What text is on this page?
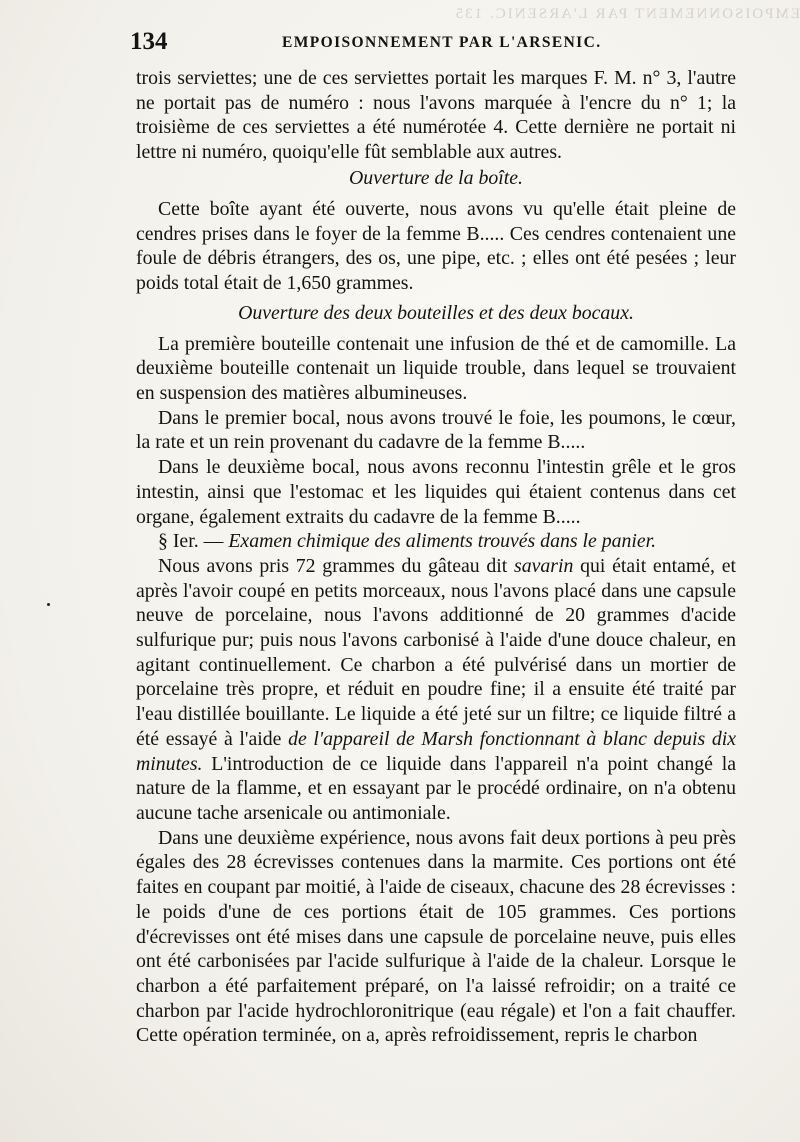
EMPOISONNEMENT PAR L'ARSENIC. 135
134	EMPOISONNEMENT PAR L'ARSENIC.

trois serviettes; une de ces serviettes portait les marques F. M. n° 3, l'autre ne portait pas de numéro : nous l'avons marquée à l'encre du n° 1; la troisième de ces serviettes a été numérotée 4. Cette dernière ne portait ni lettre ni numéro, quoiqu'elle fût semblable aux autres.

Ouverture de la boîte.

Cette boîte ayant été ouverte, nous avons vu qu'elle était pleine de cendres prises dans le foyer de la femme B..... Ces cendres contenaient une foule de débris étrangers, des os, une pipe, etc. ; elles ont été pesées ; leur poids total était de 1,650 grammes.

Ouverture des deux bouteilles et des deux bocaux.

La première bouteille contenait une infusion de thé et de camomille. La deuxième bouteille contenait un liquide trouble, dans lequel se trouvaient en suspension des matières albumineuses.

Dans le premier bocal, nous avons trouvé le foie, les poumons, le cœur, la rate et un rein provenant du cadavre de la femme B.....

Dans le deuxième bocal, nous avons reconnu l'intestin grêle et le gros intestin, ainsi que l'estomac et les liquides qui étaient contenus dans cet organe, également extraits du cadavre de la femme B.....

§ Ier. — Examen chimique des aliments trouvés dans le panier.

Nous avons pris 72 grammes du gâteau dit savarin qui était entamé, et après l'avoir coupé en petits morceaux, nous l'avons placé dans une capsule neuve de porcelaine, nous l'avons additionné de 20 grammes d'acide sulfurique pur; puis nous l'avons carbonisé à l'aide d'une douce chaleur, en agitant continuellement. Ce charbon a été pulvérisé dans un mortier de porcelaine très propre, et réduit en poudre fine; il a ensuite été traité par l'eau distillée bouillante. Le liquide a été jeté sur un filtre; ce liquide filtré a été essayé à l'aide de l'appareil de Marsh fonctionnant à blanc depuis dix minutes. L'introduction de ce liquide dans l'appareil n'a point changé la nature de la flamme, et en essayant par le procédé ordinaire, on n'a obtenu aucune tache arsenicale ou antimoniale.

Dans une deuxième expérience, nous avons fait deux portions à peu près égales des 28 écrevisses contenues dans la marmite. Ces portions ont été faites en coupant par moitié, à l'aide de ciseaux, chacune des 28 écrevisses : le poids d'une de ces portions était de 105 grammes. Ces portions d'écrevisses ont été mises dans une capsule de porcelaine neuve, puis elles ont été carbonisées par l'acide sulfurique à l'aide de la chaleur. Lorsque le charbon a été parfaitement préparé, on l'a laissé refroidir; on a traité ce charbon par l'acide hydrochloronitrique (eau régale) et l'on a fait chauffer. Cette opération terminée, on a, après refroidissement, repris le charbon
